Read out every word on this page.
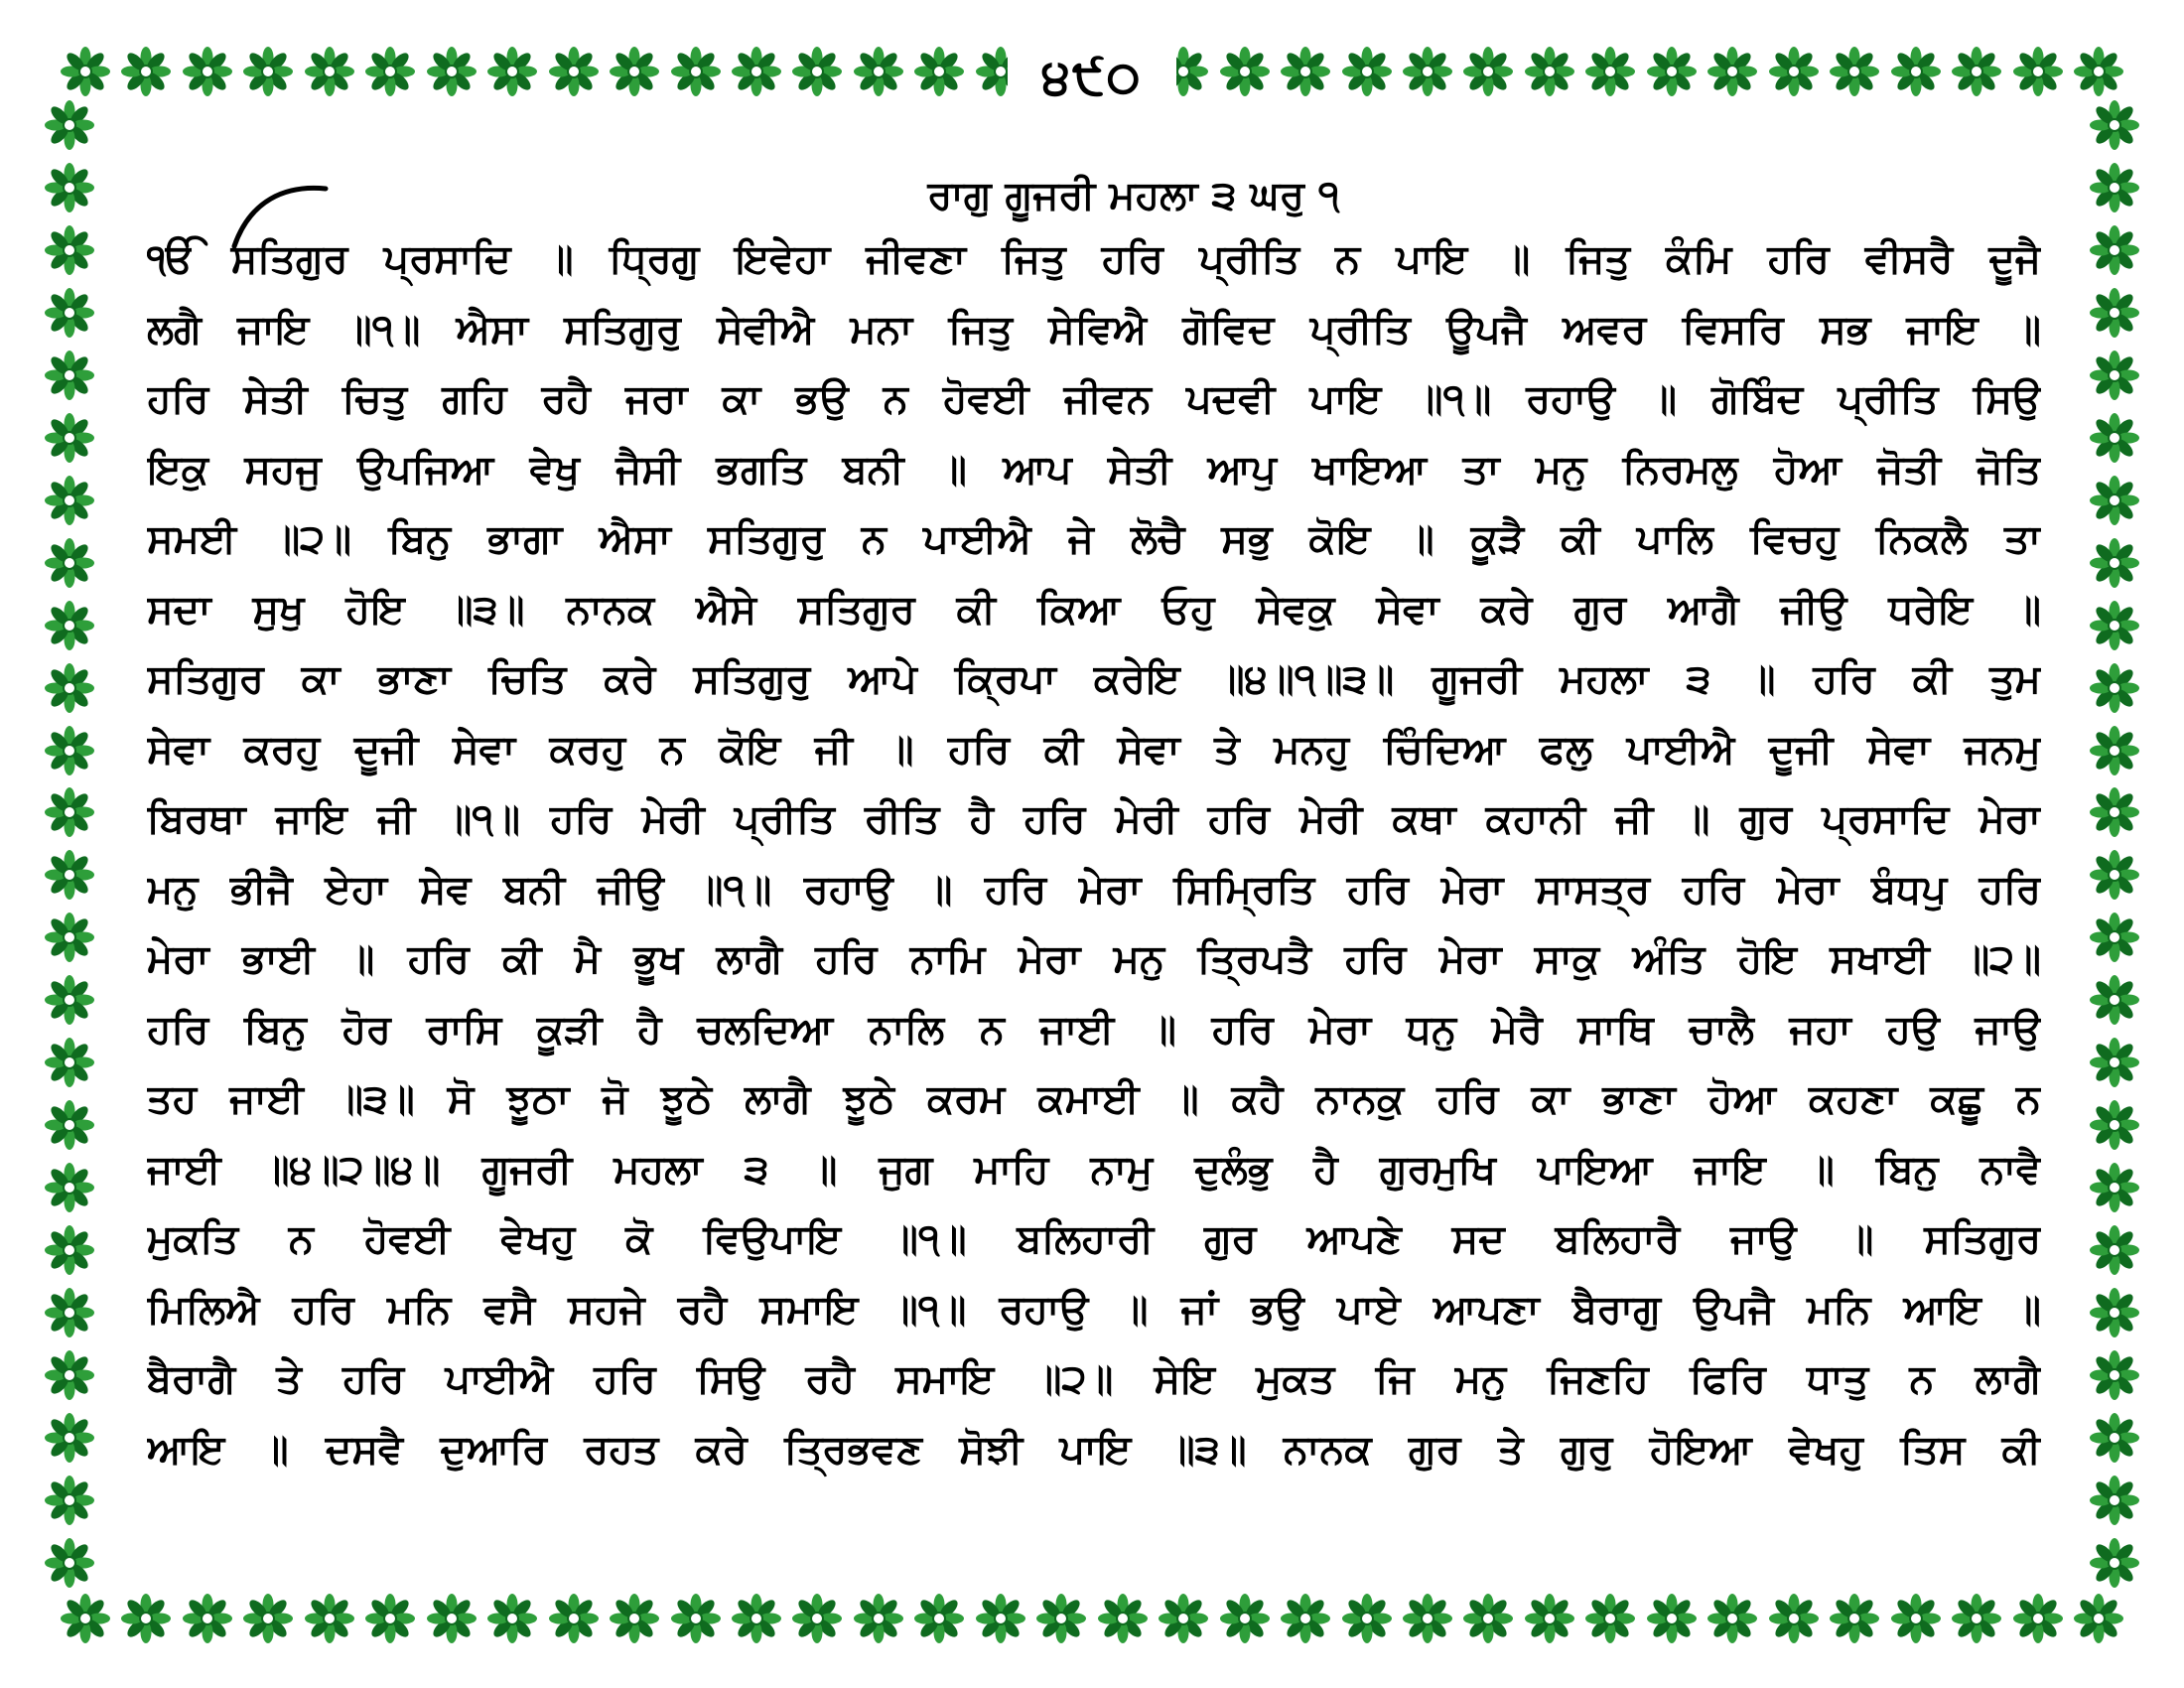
੪੯੦
ਰਾਗੁ ਗੂਜਰੀ ਮਹਲਾ ੩ ਘਰੁ ੧
ੴ ਸਤਿਗੁਰ ਪ੍ਰਸਾਦਿ ॥ ਧ੍ਰਿਗੁ ਇਵੇਹਾ ਜੀਵਣਾ ਜਿਤੁ ਹਰਿ ਪ੍ਰੀਤਿ ਨ ਪਾਇ ॥ ਜਿਤੁ ਕੰਮਿ ਹਰਿ ਵੀਸਰੈ ਦੂਜੈ
ਲਗੈ ਜਾਇ ॥੧॥ ਐਸਾ ਸਤਿਗੁਰੁ ਸੇਵੀਐ ਮਨਾ ਜਿਤੁ ਸੇਵਿਐ ਗੋਵਿਦ ਪ੍ਰੀਤਿ ਊਪਜੈ ਅਵਰ ਵਿਸਰਿ ਸਭ ਜਾਇ ॥
ਹਰਿ ਸੇਤੀ ਚਿਤੁ ਗਹਿ ਰਹੈ ਜਰਾ ਕਾ ਭਉ ਨ ਹੋਵਈ ਜੀਵਨ ਪਦਵੀ ਪਾਇ ॥੧॥ ਰਹਾਉ ॥ ਗੋਬਿੰਦ ਪ੍ਰੀਤਿ ਸਿਉ
ਇਕੁ ਸਹਜੁ ਉਪਜਿਆ ਵੇਖੁ ਜੈਸੀ ਭਗਤਿ ਬਨੀ ॥ ਆਪ ਸੇਤੀ ਆਪੁ ਖਾਇਆ ਤਾ ਮਨੁ ਨਿਰਮਲੁ ਹੋਆ ਜੋਤੀ ਜੋਤਿ
ਸਮਈ ॥੨॥ ਬਿਨੁ ਭਾਗਾ ਐਸਾ ਸਤਿਗੁਰੁ ਨ ਪਾਈਐ ਜੇ ਲੋਚੈ ਸਭੁ ਕੋਇ ॥ ਕੂੜੈ ਕੀ ਪਾਲਿ ਵਿਚਹੁ ਨਿਕਲੈ ਤਾ
ਸਦਾ ਸੁਖੁ ਹੋਇ ॥੩॥ ਨਾਨਕ ਐਸੇ ਸਤਿਗੁਰ ਕੀ ਕਿਆ ਓਹੁ ਸੇਵਕੁ ਸੇਵਾ ਕਰੇ ਗੁਰ ਆਗੈ ਜੀਉ ਧਰੇਇ ॥
ਸਤਿਗੁਰ ਕਾ ਭਾਣਾ ਚਿਤਿ ਕਰੇ ਸਤਿਗੁਰੁ ਆਪੇ ਕ੍ਰਿਪਾ ਕਰੇਇ ॥੪॥੧॥੩॥ ਗੂਜਰੀ ਮਹਲਾ ੩ ॥ ਹਰਿ ਕੀ ਤੁਮ
ਸੇਵਾ ਕਰਹੁ ਦੂਜੀ ਸੇਵਾ ਕਰਹੁ ਨ ਕੋਇ ਜੀ ॥ ਹਰਿ ਕੀ ਸੇਵਾ ਤੇ ਮਨਹੁ ਚਿੰਦਿਆ ਫਲੁ ਪਾਈਐ ਦੂਜੀ ਸੇਵਾ ਜਨਮੁ
ਬਿਰਥਾ ਜਾਇ ਜੀ ॥੧॥ ਹਰਿ ਮੇਰੀ ਪ੍ਰੀਤਿ ਰੀਤਿ ਹੈ ਹਰਿ ਮੇਰੀ ਹਰਿ ਮੇਰੀ ਕਥਾ ਕਹਾਨੀ ਜੀ ॥ ਗੁਰ ਪ੍ਰਸਾਦਿ ਮੇਰਾ
ਮਨੁ ਭੀਜੈ ਏਹਾ ਸੇਵ ਬਨੀ ਜੀਉ ॥੧॥ ਰਹਾਉ ॥ ਹਰਿ ਮੇਰਾ ਸਿਮ੍ਰਿਤਿ ਹਰਿ ਮੇਰਾ ਸਾਸਤ੍ਰ ਹਰਿ ਮੇਰਾ ਬੰਧਪੁ ਹਰਿ
ਮੇਰਾ ਭਾਈ ॥ ਹਰਿ ਕੀ ਮੈ ਭੂਖ ਲਾਗੈ ਹਰਿ ਨਾਮਿ ਮੇਰਾ ਮਨੁ ਤ੍ਰਿਪਤੈ ਹਰਿ ਮੇਰਾ ਸਾਕੁ ਅੰਤਿ ਹੋਇ ਸਖਾਈ ॥੨॥
ਹਰਿ ਬਿਨੁ ਹੋਰ ਰਾਸਿ ਕੂੜੀ ਹੈ ਚਲਦਿਆ ਨਾਲਿ ਨ ਜਾਈ ॥ ਹਰਿ ਮੇਰਾ ਧਨੁ ਮੇਰੈ ਸਾਥਿ ਚਾਲੈ ਜਹਾ ਹਉ ਜਾਉ
ਤਹ ਜਾਈ ॥੩॥ ਸੋ ਝੂਠਾ ਜੋ ਝੂਠੇ ਲਾਗੈ ਝੂਠੇ ਕਰਮ ਕਮਾਈ ॥ ਕਹੈ ਨਾਨਕੁ ਹਰਿ ਕਾ ਭਾਣਾ ਹੋਆ ਕਹਣਾ ਕਛੂ ਨ
ਜਾਈ ॥੪॥੨॥੪॥ ਗੂਜਰੀ ਮਹਲਾ ੩ ॥ ਜੁਗ ਮਾਹਿ ਨਾਮੁ ਦੁਲੰਭੁ ਹੈ ਗੁਰਮੁਖਿ ਪਾਇਆ ਜਾਇ ॥ ਬਿਨੁ ਨਾਵੈ
ਮੁਕਤਿ ਨ ਹੋਵਈ ਵੇਖਹੁ ਕੋ ਵਿਉਪਾਇ ॥੧॥ ਬਲਿਹਾਰੀ ਗੁਰ ਆਪਣੇ ਸਦ ਬਲਿਹਾਰੈ ਜਾਉ ॥ ਸਤਿਗੁਰ
ਮਿਲਿਐ ਹਰਿ ਮਨਿ ਵਸੈ ਸਹਜੇ ਰਹੈ ਸਮਾਇ ॥੧॥ ਰਹਾਉ ॥ ਜਾਂ ਭਉ ਪਾਏ ਆਪਣਾ ਬੈਰਾਗੁ ਉਪਜੈ ਮਨਿ ਆਇ ॥
ਬੈਰਾਗੈ ਤੇ ਹਰਿ ਪਾਈਐ ਹਰਿ ਸਿਉ ਰਹੈ ਸਮਾਇ ॥੨॥ ਸੇਇ ਮੁਕਤ ਜਿ ਮਨੁ ਜਿਣਹਿ ਫਿਰਿ ਧਾਤੁ ਨ ਲਾਗੈ
ਆਇ ॥ ਦਸਵੈ ਦੁਆਰਿ ਰਹਤ ਕਰੇ ਤ੍ਰਿਭਵਣ ਸੋਝੀ ਪਾਇ ॥੩॥ ਨਾਨਕ ਗੁਰ ਤੇ ਗੁਰੁ ਹੋਇਆ ਵੇਖਹੁ ਤਿਸ ਕੀ
